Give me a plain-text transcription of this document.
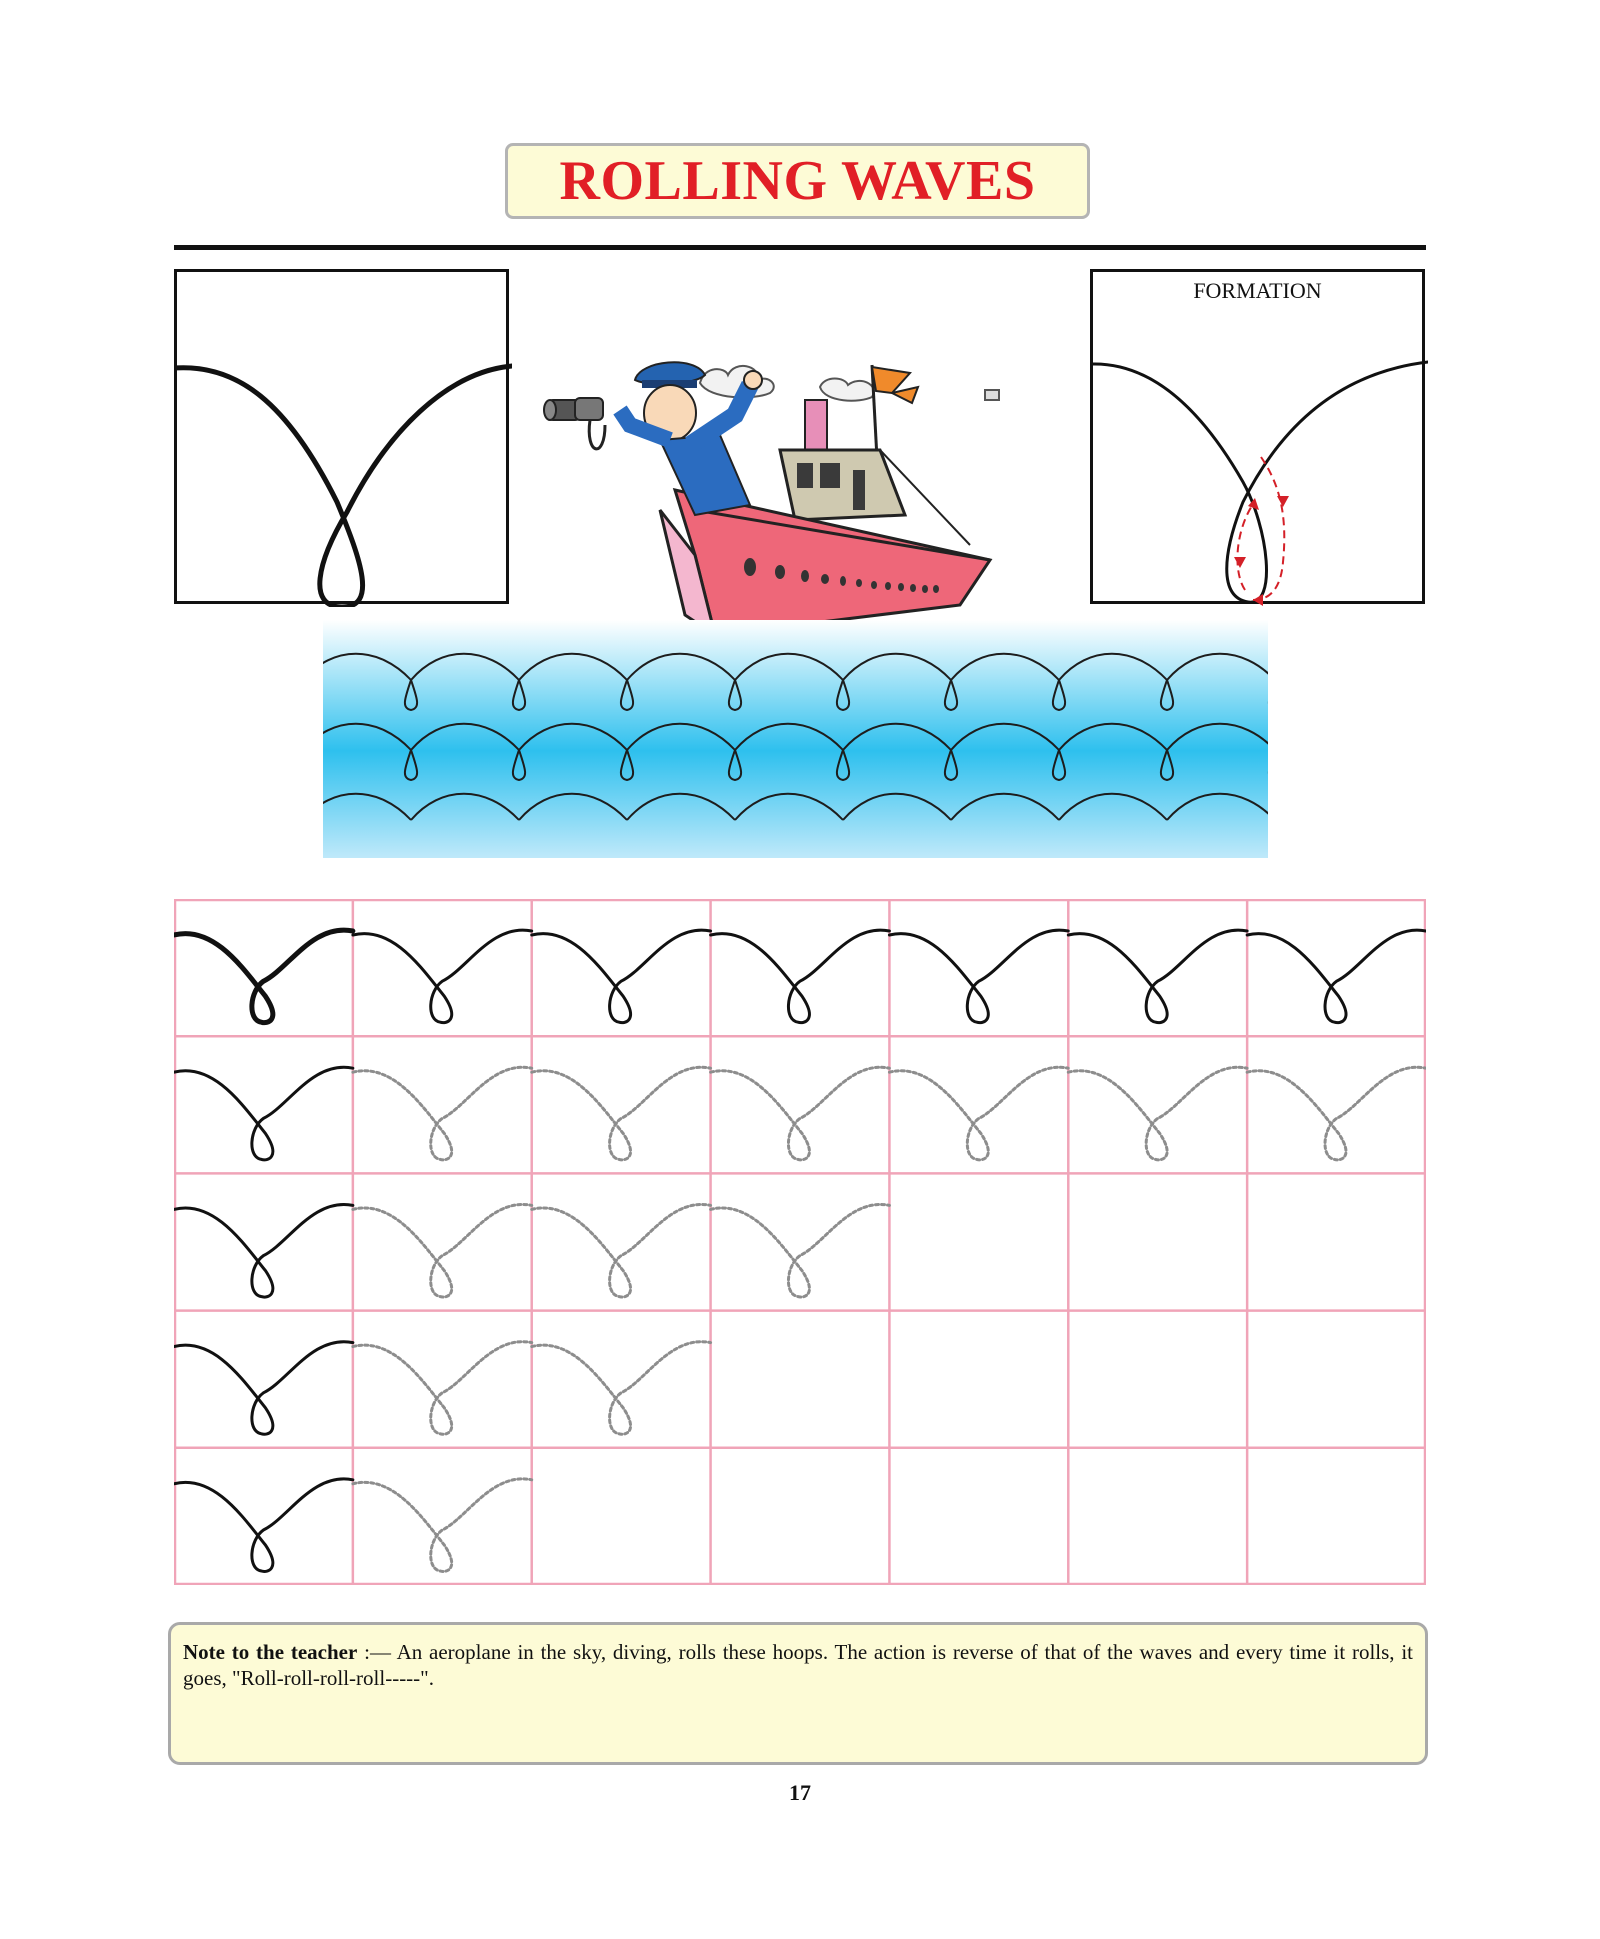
ROLLING WAVES
FORMATION

Note to the teacher :— An aeroplane in the sky, diving, rolls these hoops. The action is reverse of that of the waves and every time it rolls, it goes, "Roll-roll-roll-roll-----".

17
